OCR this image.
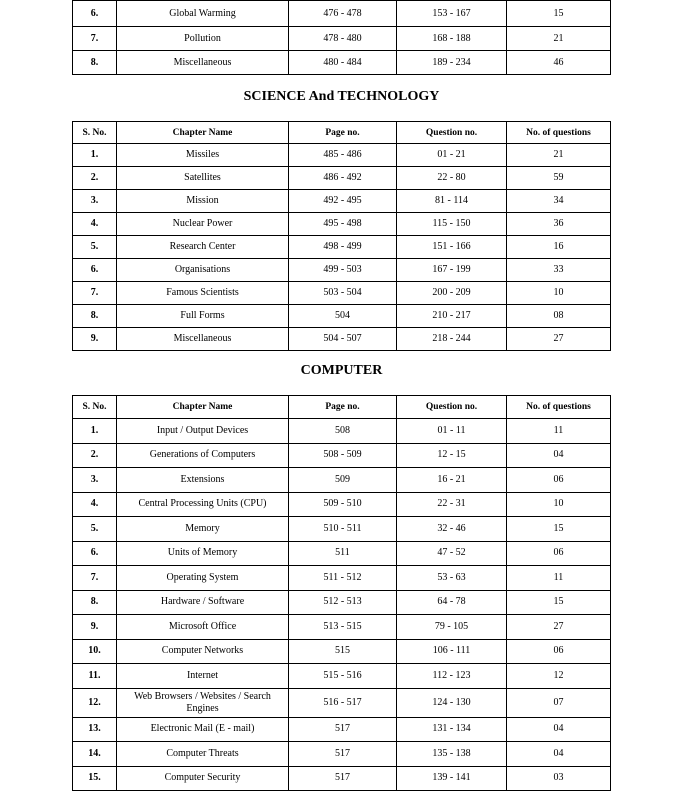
6.	Global Warming	476 - 478	153 - 167	15
7.	Pollution	478 - 480	168 - 188	21
8.	Miscellaneous	480 - 484	189 - 234	46
SCIENCE And TECHNOLOGY
S. No.	Chapter Name	Page no.	Question no.	No. of questions
1.	Missiles	485 - 486	01 - 21	21
2.	Satellites	486 - 492	22 - 80	59
3.	Mission	492 - 495	81 - 114	34
4.	Nuclear Power	495 - 498	115 - 150	36
5.	Research Center	498 - 499	151 - 166	16
6.	Organisations	499 - 503	167 - 199	33
7.	Famous Scientists	503 - 504	200 - 209	10
8.	Full Forms	504	210 - 217	08
9.	Miscellaneous	504 - 507	218 - 244	27
COMPUTER
S. No.	Chapter Name	Page no.	Question no.	No. of questions
1.	Input / Output Devices	508	01 - 11	11
2.	Generations of Computers	508 - 509	12 - 15	04
3.	Extensions	509	16 - 21	06
4.	Central Processing Units (CPU)	509 - 510	22 - 31	10
5.	Memory	510 - 511	32 - 46	15
6.	Units of Memory	511	47 - 52	06
7.	Operating System	511 - 512	53 - 63	11
8.	Hardware / Software	512 - 513	64 - 78	15
9.	Microsoft Office	513 - 515	79 - 105	27
10.	Computer Networks	515	106 - 111	06
11.	Internet	515 - 516	112 - 123	12
12.	Web Browsers / Websites / Search Engines	516 - 517	124 - 130	07
13.	Electronic Mail (E - mail)	517	131 - 134	04
14.	Computer Threats	517	135 - 138	04
15.	Computer Security	517	139 - 141	03
